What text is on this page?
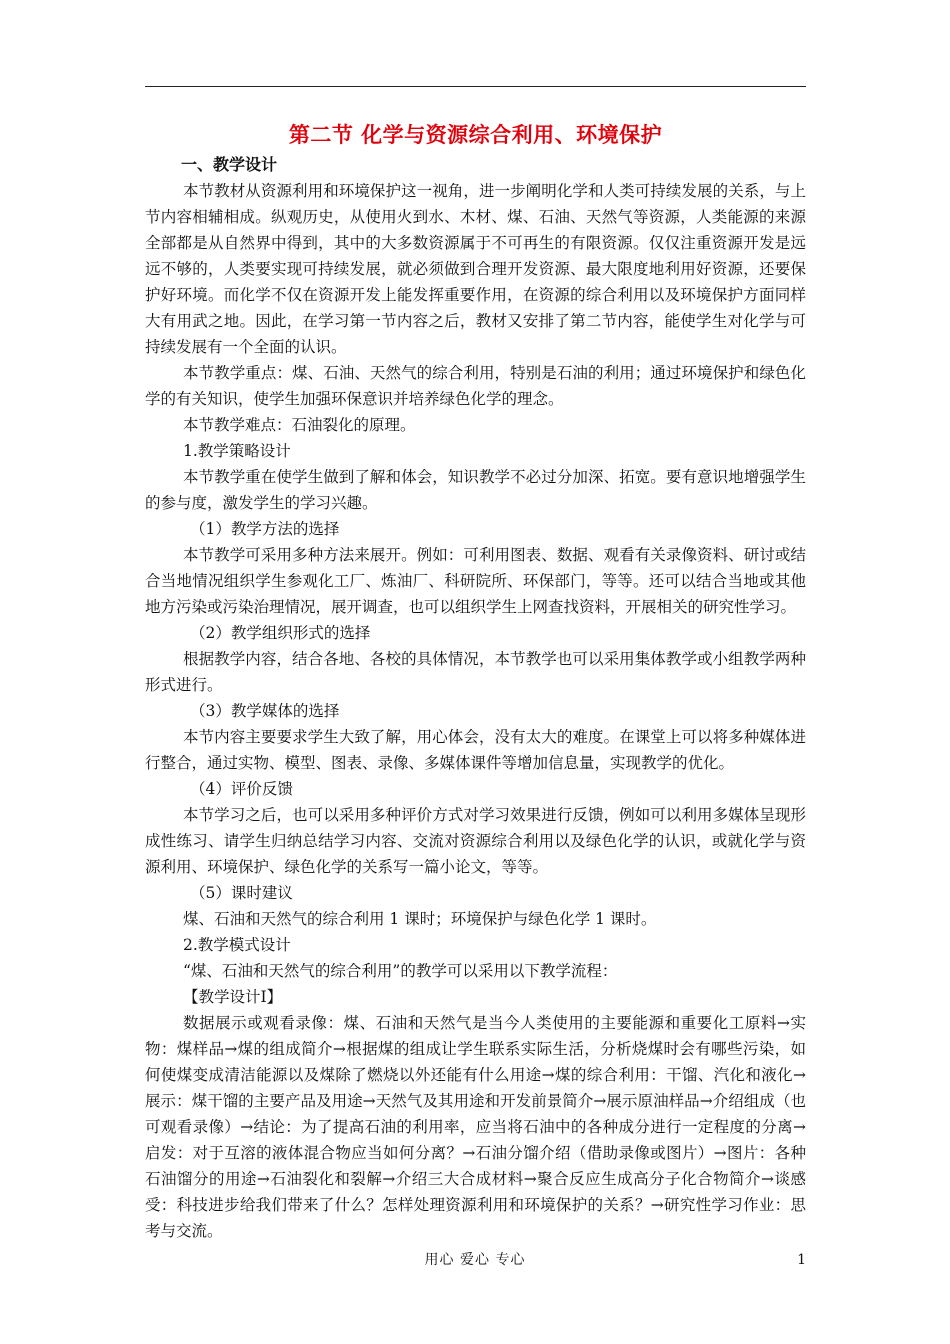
第二节 化学与资源综合利用、环境保护
一、教学设计

本节教材从资源利用和环境保护这一视角，进一步阐明化学和人类可持续发展的关系，与上节内容相辅相成。纵观历史，从使用火到水、木材、煤、石油、天然气等资源，人类能源的来源全部都是从自然界中得到，其中的大多数资源属于不可再生的有限资源。仅仅注重资源开发是远远不够的，人类要实现可持续发展，就必须做到合理开发资源、最大限度地利用好资源，还要保护好环境。而化学不仅在资源开发上能发挥重要作用，在资源的综合利用以及环境保护方面同样大有用武之地。因此，在学习第一节内容之后，教材又安排了第二节内容，能使学生对化学与可持续发展有一个全面的认识。

本节教学重点：煤、石油、天然气的综合利用，特别是石油的利用；通过环境保护和绿色化学的有关知识，使学生加强环保意识并培养绿色化学的理念。

本节教学难点：石油裂化的原理。

1.教学策略设计

本节教学重在使学生做到了解和体会，知识教学不必过分加深、拓宽。要有意识地增强学生的参与度，激发学生的学习兴趣。

（1）教学方法的选择

本节教学可采用多种方法来展开。例如：可利用图表、数据、观看有关录像资料、研讨或结合当地情况组织学生参观化工厂、炼油厂、科研院所、环保部门，等等。还可以结合当地或其他地方污染或污染治理情况，展开调查，也可以组织学生上网查找资料，开展相关的研究性学习。

（2）教学组织形式的选择

根据教学内容，结合各地、各校的具体情况，本节教学也可以采用集体教学或小组教学两种形式进行。

（3）教学媒体的选择

本节内容主要要求学生大致了解，用心体会，没有太大的难度。在课堂上可以将多种媒体进行整合，通过实物、模型、图表、录像、多媒体课件等增加信息量，实现教学的优化。

（4）评价反馈

本节学习之后，也可以采用多种评价方式对学习效果进行反馈，例如可以利用多媒体呈现形成性练习、请学生归纳总结学习内容、交流对资源综合利用以及绿色化学的认识，或就化学与资源利用、环境保护、绿色化学的关系写一篇小论文，等等。

（5）课时建议

煤、石油和天然气的综合利用 1 课时；环境保护与绿色化学 1 课时。

2.教学模式设计

“煤、石油和天然气的综合利用”的教学可以采用以下教学流程：

【教学设计Ⅰ】

数据展示或观看录像：煤、石油和天然气是当今人类使用的主要能源和重要化工原料→实物：煤样品→煤的组成简介→根据煤的组成让学生联系实际生活，分析烧煤时会有哪些污染，如何使煤变成清洁能源以及煤除了燃烧以外还能有什么用途→煤的综合利用：干馏、汽化和液化→展示：煤干馏的主要产品及用途→天然气及其用途和开发前景简介→展示原油样品→介绍组成（也可观看录像）→结论：为了提高石油的利用率，应当将石油中的各种成分进行一定程度的分离→启发：对于互溶的液体混合物应当如何分离？→石油分馏介绍（借助录像或图片）→图片：各种石油馏分的用途→石油裂化和裂解→介绍三大合成材料→聚合反应生成高分子化合物简介→谈感受：科技进步给我们带来了什么？怎样处理资源利用和环境保护的关系？→研究性学习作业：思考与交流。

用心 爱心 专心	1
